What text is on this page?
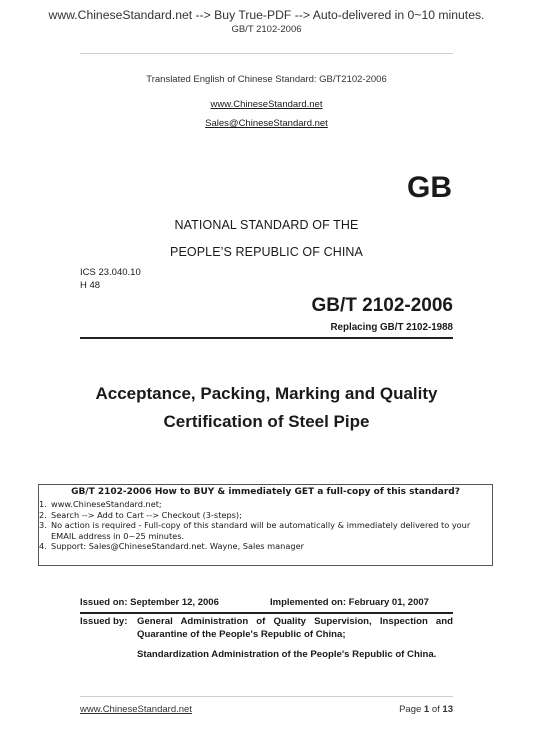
www.ChineseStandard.net --> Buy True-PDF --> Auto-delivered in 0~10 minutes.
GB/T 2102-2006
Translated English of Chinese Standard: GB/T2102-2006
www.ChineseStandard.net
Sales@ChineseStandard.net
GB
NATIONAL STANDARD OF THE
PEOPLE’S REPUBLIC OF CHINA
ICS 23.040.10
H 48
GB/T 2102-2006
Replacing GB/T 2102-1988
Acceptance, Packing, Marking and Quality
Certification of Steel Pipe
GB/T 2102-2006 How to BUY & immediately GET a full-copy of this standard?
1. www.ChineseStandard.net;
2. Search --> Add to Cart --> Checkout (3-steps);
3. No action is required - Full-copy of this standard will be automatically & immediately delivered to your EMAIL address in 0~25 minutes.
4. Support: Sales@ChineseStandard.net. Wayne, Sales manager
Issued on: September 12, 2006	Implemented on: February 01, 2007
Issued by: General Administration of Quality Supervision, Inspection and Quarantine of the People's Republic of China;
Standardization Administration of the People's Republic of China.
www.ChineseStandard.net	Page 1 of 13
